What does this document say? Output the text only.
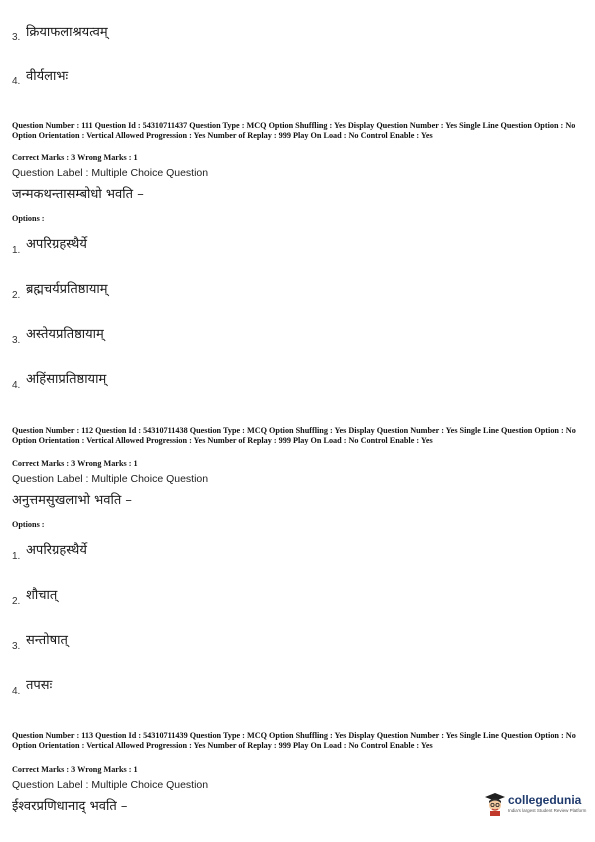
3. क्रियाफलाश्रयत्वम्
4. वीर्यलाभः
Question Number : 111 Question Id : 54310711437 Question Type : MCQ Option Shuffling : Yes Display Question Number : Yes Single Line Question Option : No Option Orientation : Vertical Allowed Progression : Yes Number of Replay : 999 Play On Load : No Control Enable : Yes
Correct Marks : 3 Wrong Marks : 1
Question Label : Multiple Choice Question
जन्मकथन्तासम्बोधो भवति –
Options :
1. अपरिग्रहस्थैर्ये
2. ब्रह्मचर्यप्रतिष्ठायाम्
3. अस्तेयप्रतिष्ठायाम्
4. अहिंसाप्रतिष्ठायाम्
Question Number : 112 Question Id : 54310711438 Question Type : MCQ Option Shuffling : Yes Display Question Number : Yes Single Line Question Option : No Option Orientation : Vertical Allowed Progression : Yes Number of Replay : 999 Play On Load : No Control Enable : Yes
Correct Marks : 3 Wrong Marks : 1
Question Label : Multiple Choice Question
अनुत्तमसुखलाभो भवति –
Options :
1. अपरिग्रहस्थैर्ये
2. शौचात्
3. सन्तोषात्
4. तपसः
Question Number : 113 Question Id : 54310711439 Question Type : MCQ Option Shuffling : Yes Display Question Number : Yes Single Line Question Option : No Option Orientation : Vertical Allowed Progression : Yes Number of Replay : 999 Play On Load : No Control Enable : Yes
Correct Marks : 3 Wrong Marks : 1
Question Label : Multiple Choice Question
ईश्वरप्रणिधानाद् भवति –	collegedunia
India's largest Student Review Platform
